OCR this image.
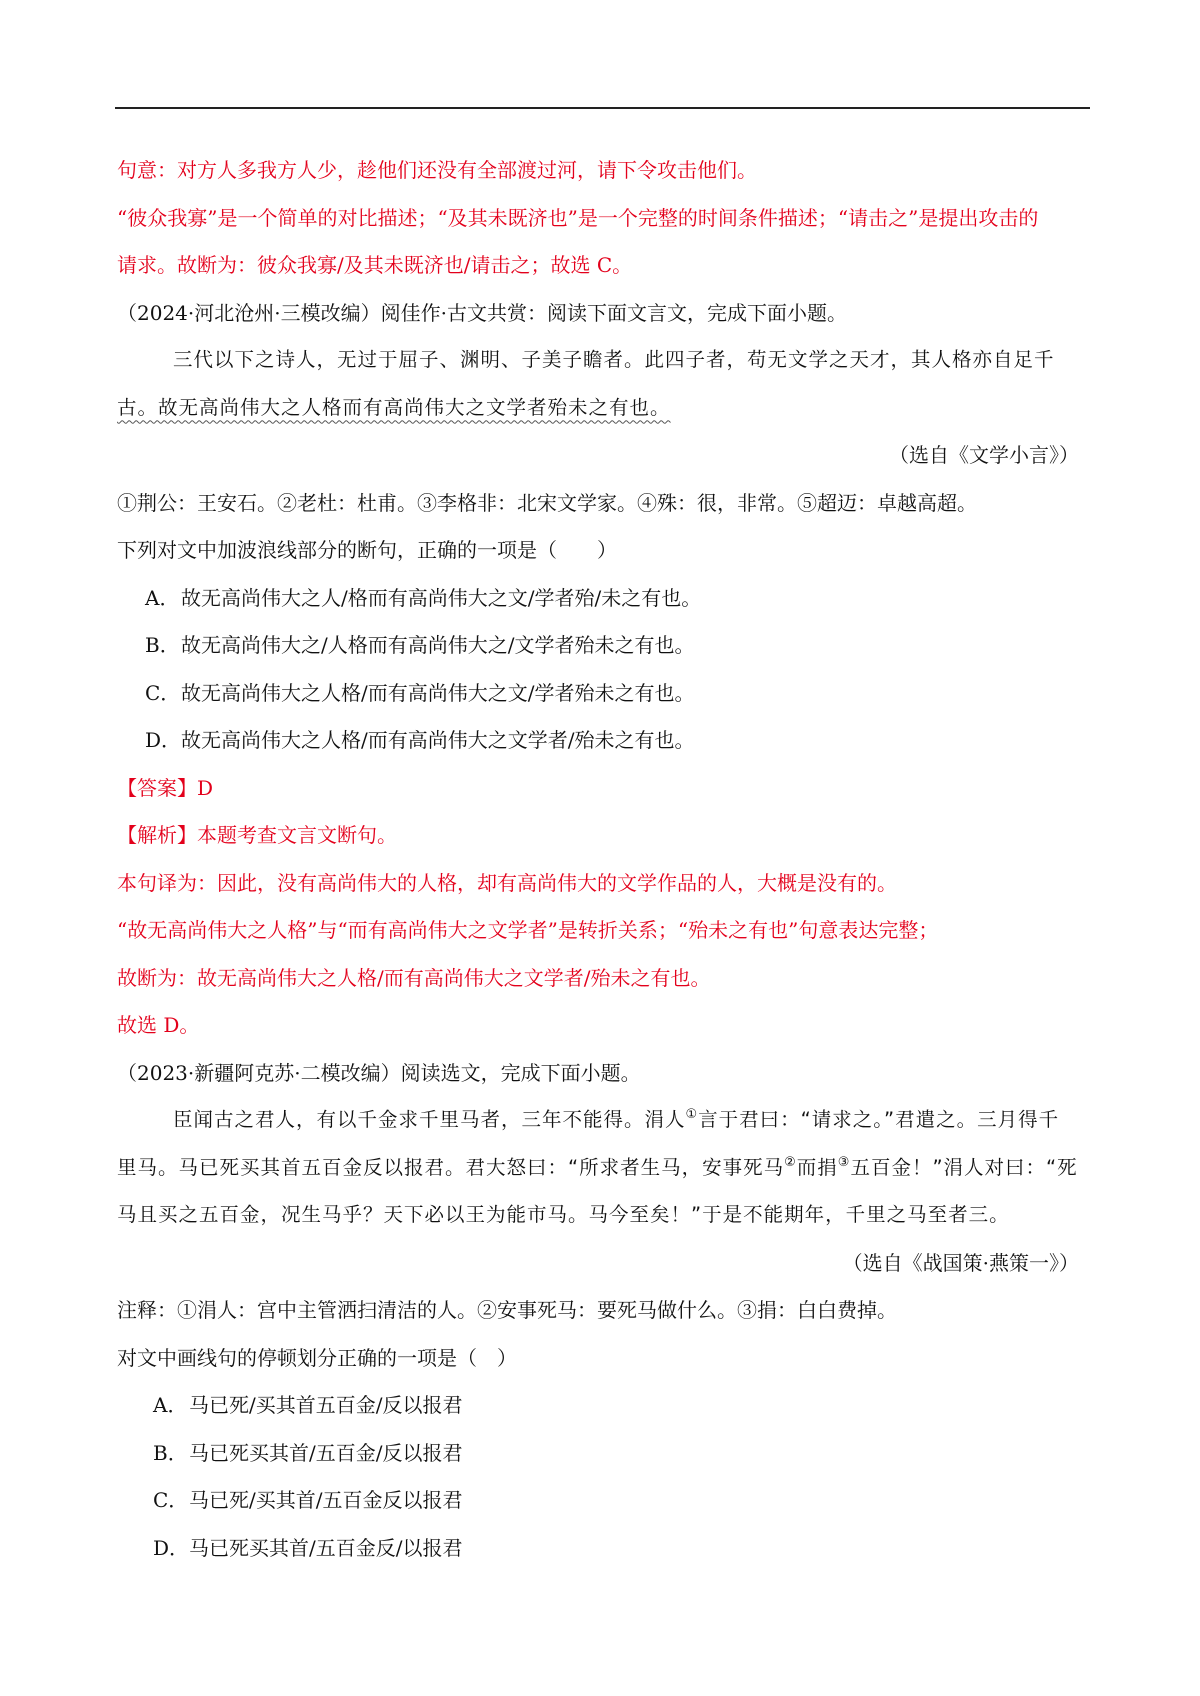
句意：对方人多我方人少，趁他们还没有全部渡过河，请下令攻击他们。
“彼众我寡”是一个简单的对比描述；“及其未既济也”是一个完整的时间条件描述；“请击之”是提出攻击的
请求。故断为：彼众我寡/及其未既济也/请击之；故选 C。
（2024·河北沧州·三模改编）阅佳作·古文共赏：阅读下面文言文，完成下面小题。
三代以下之诗人，无过于屈子、渊明、子美子瞻者。此四子者，苟无文学之天才，其人格亦自足千
古。故无高尚伟大之人格而有高尚伟大之文学者殆未之有也。
（选自《文学小言》）
①荆公：王安石。②老杜：杜甫。③李格非：北宋文学家。④殊：很，非常。⑤超迈：卓越高超。
下列对文中加波浪线部分的断句，正确的一项是（　　）
A．故无高尚伟大之人/格而有高尚伟大之文/学者殆/未之有也。
B．故无高尚伟大之/人格而有高尚伟大之/文学者殆未之有也。
C．故无高尚伟大之人格/而有高尚伟大之文/学者殆未之有也。
D．故无高尚伟大之人格/而有高尚伟大之文学者/殆未之有也。
【答案】D
【解析】本题考查文言文断句。
本句译为：因此，没有高尚伟大的人格，却有高尚伟大的文学作品的人，大概是没有的。
“故无高尚伟大之人格”与“而有高尚伟大之文学者”是转折关系；“殆未之有也”句意表达完整；
故断为：故无高尚伟大之人格/而有高尚伟大之文学者/殆未之有也。
故选 D。
（2023·新疆阿克苏·二模改编）阅读选文，完成下面小题。
臣闻古之君人，有以千金求千里马者，三年不能得。涓人①言于君曰：“请求之。”君遣之。三月得千
里马。马已死买其首五百金反以报君。君大怒曰：“所求者生马，安事死马②而捐③五百金！”涓人对曰：“死
马且买之五百金，况生马乎？天下必以王为能市马。马今至矣！”于是不能期年，千里之马至者三。
（选自《战国策·燕策一》）
注释：①涓人：宫中主管洒扫清洁的人。②安事死马：要死马做什么。③捐：白白费掉。
对文中画线句的停顿划分正确的一项是（　）
A．马已死/买其首五百金/反以报君
B．马已死买其首/五百金/反以报君
C．马已死/买其首/五百金反以报君
D．马已死买其首/五百金反/以报君
